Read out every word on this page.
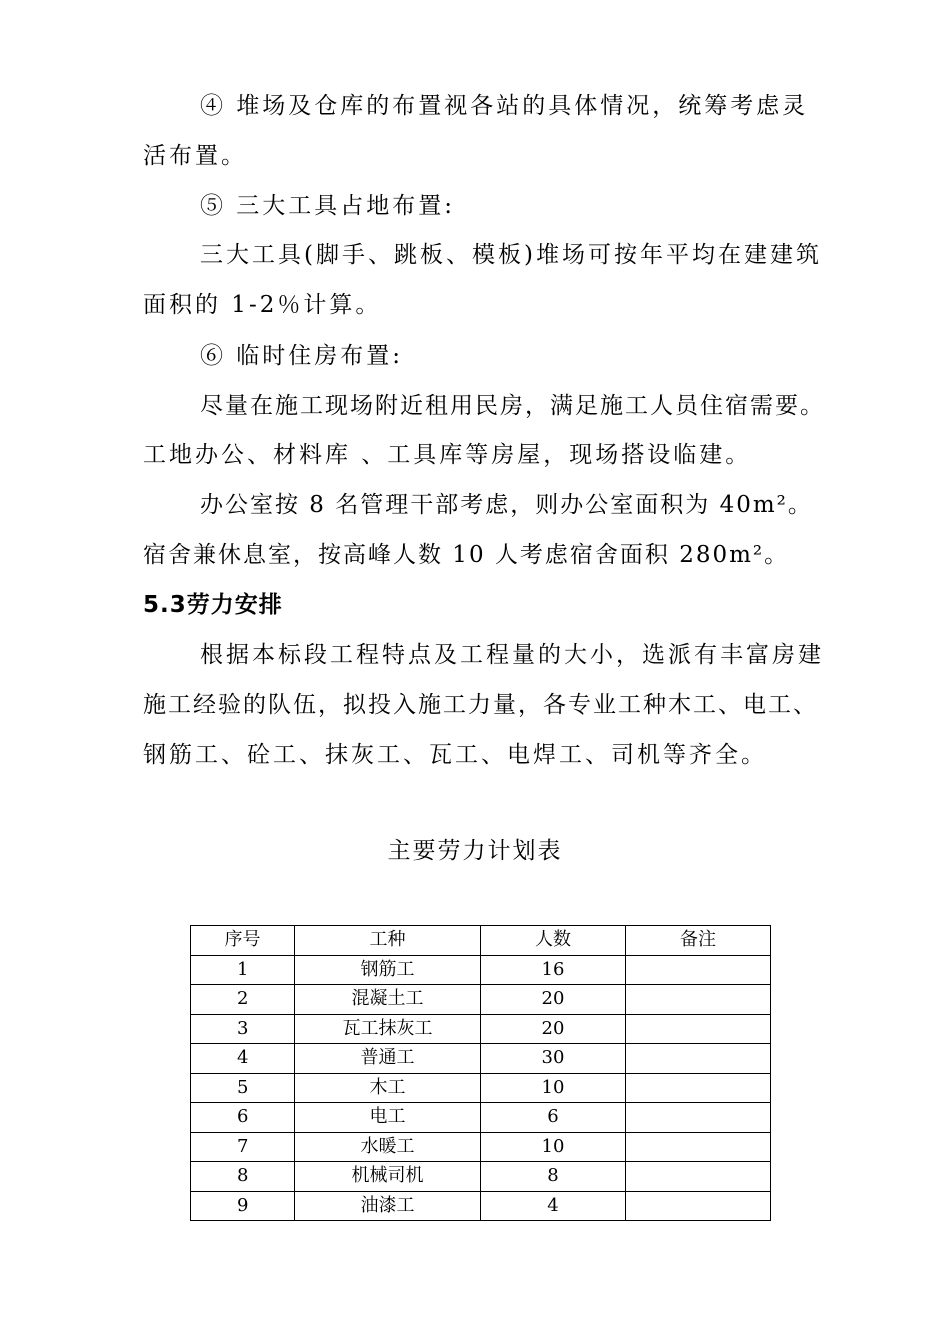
④ 堆场及仓库的布置视各站的具体情况，统筹考虑灵
活布置。
⑤ 三大工具占地布置:
三大工具(脚手、跳板、模板)堆场可按年平均在建建筑
面积的 1-2％计算。
⑥ 临时住房布置:
尽量在施工现场附近租用民房，满足施工人员住宿需要。
工地办公、材料库 、工具库等房屋，现场搭设临建。
办公室按 8 名管理干部考虑，则办公室面积为 40m²。
宿舍兼休息室，按高峰人数 10 人考虑宿舍面积 280m²。
5.3劳力安排
根据本标段工程特点及工程量的大小，选派有丰富房建
施工经验的队伍，拟投入施工力量，各专业工种木工、电工、
钢筋工、砼工、抹灰工、瓦工、电焊工、司机等齐全。
主要劳力计划表
序号	工种	人数	备注
1	钢筋工	16	
2	混凝土工	20	
3	瓦工抹灰工	20	
4	普通工	30	
5	木工	10	
6	电工	6	
7	水暖工	10	
8	机械司机	8	
9	油漆工	4	
